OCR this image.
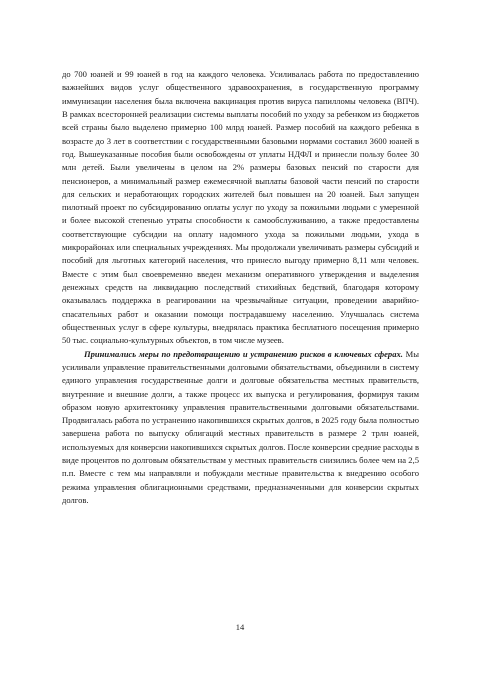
до 700 юаней и 99 юаней в год на каждого человека. Усиливалась работа по предоставлению важнейших видов услуг общественного здравоохранения, в государственную программу иммунизации населения была включена вакцинация против вируса папилломы человека (ВПЧ). В рамках всесторонней реализации системы выплаты пособий по уходу за ребенком из бюджетов всей страны было выделено примерно 100 млрд юаней. Размер пособий на каждого ребенка в возрасте до 3 лет в соответствии с государственными базовыми нормами составил 3600 юаней в год. Вышеуказанные пособия были освобождены от уплаты НДФЛ и принесли пользу более 30 млн детей. Были увеличены в целом на 2% размеры базовых пенсий по старости для пенсионеров, а минимальный размер ежемесячной выплаты базовой части пенсий по старости для сельских и неработающих городских жителей был повышен на 20 юаней. Был запущен пилотный проект по субсидированию оплаты услуг по уходу за пожилыми людьми с умеренной и более высокой степенью утраты способности к самообслуживанию, а также предоставлены соответствующие субсидии на оплату надомного ухода за пожилыми людьми, ухода в микрорайонах или специальных учреждениях. Мы продолжали увеличивать размеры субсидий и пособий для льготных категорий населения, что принесло выгоду примерно 8,11 млн человек. Вместе с этим был своевременно введен механизм оперативного утверждения и выделения денежных средств на ликвидацию последствий стихийных бедствий, благодаря которому оказывалась поддержка в реагировании на чрезвычайные ситуации, проведении аварийно-спасательных работ и оказании помощи пострадавшему населению. Улучшалась система общественных услуг в сфере культуры, внедрялась практика бесплатного посещения примерно 50 тыс. социально-культурных объектов, в том числе музеев.

Принимались меры по предотвращению и устранению рисков в ключевых сферах. Мы усиливали управление правительственными долговыми обязательствами, объединили в систему единого управления государственные долги и долговые обязательства местных правительств, внутренние и внешние долги, а также процесс их выпуска и регулирования, формируя таким образом новую архитектонику управления правительственными долговыми обязательствами. Продвигалась работа по устранению накопившихся скрытых долгов, в 2025 году была полностью завершена работа по выпуску облигаций местных правительств в размере 2 трлн юаней, используемых для конверсии накопившихся скрытых долгов. После конверсии средние расходы в виде процентов по долговым обязательствам у местных правительств снизились более чем на 2,5 п.п. Вместе с тем мы направляли и побуждали местные правительства к внедрению особого режима управления облигационными средствами, предназначенными для конверсии скрытых долгов.

14
